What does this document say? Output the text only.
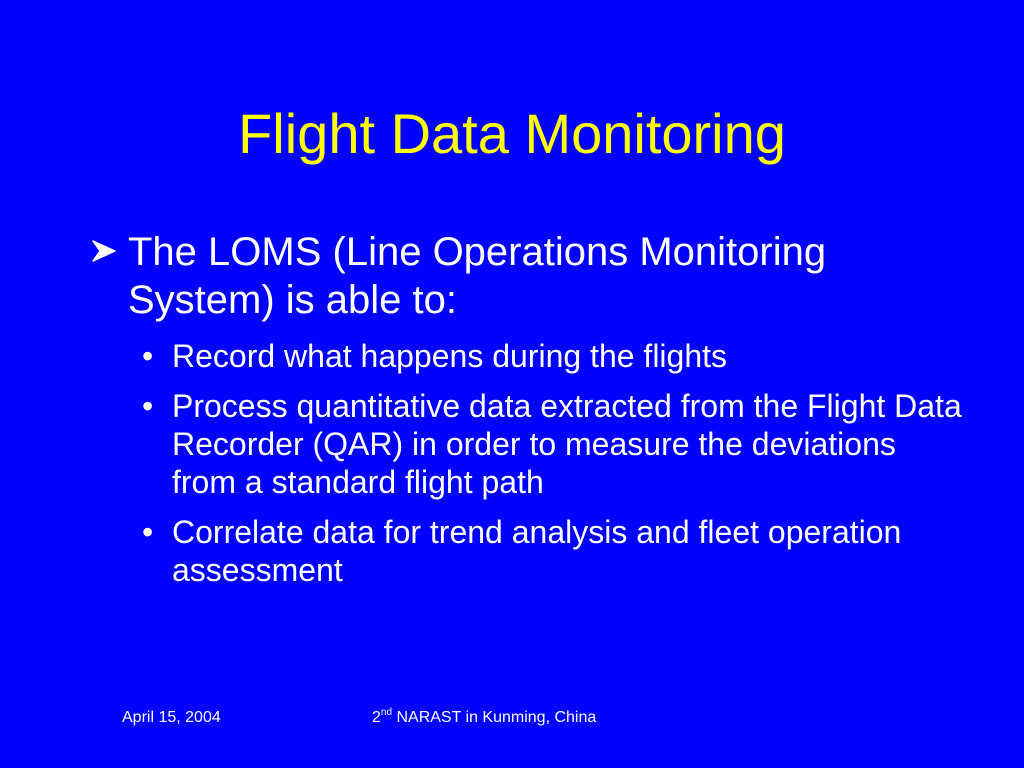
Flight Data Monitoring
The LOMS (Line Operations Monitoring System) is able to:
• Record what happens during the flights
• Process quantitative data extracted from the Flight Data Recorder (QAR) in order to measure the deviations from a standard flight path
• Correlate data for trend analysis and fleet operation assessment
April 15, 2004	2nd NARAST in Kunming, China
